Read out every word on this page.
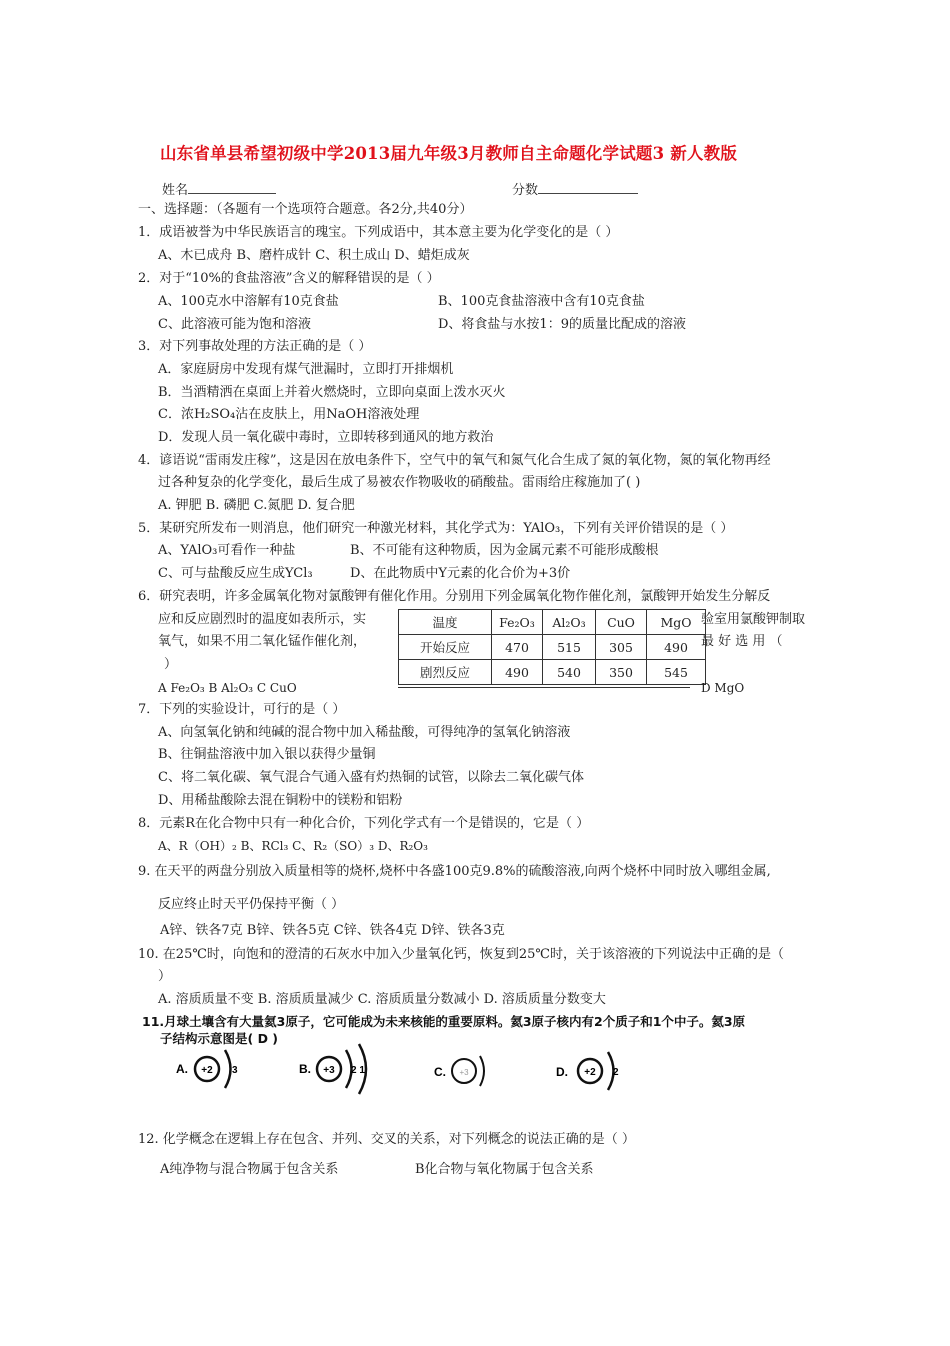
山东省单县希望初级中学2013届九年级3月教师自主命题化学试题3 新人教版
姓名	分数
一、选择题：（各题有一个选项符合题意。各2分,共40分）
1．成语被誉为中华民族语言的瑰宝。下列成语中，其本意主要为化学变化的是（ ）
A、木已成舟 B、磨杵成针 C、积土成山 D、蜡炬成灰
2．对于“10%的食盐溶液”含义的解释错误的是（ ）
A、100克水中溶解有10克食盐	B、100克食盐溶液中含有10克食盐
C、此溶液可能为饱和溶液	D、将食盐与水按1：9的质量比配成的溶液
3．对下列事故处理的方法正确的是（ ）
A．家庭厨房中发现有煤气泄漏时，立即打开排烟机
B．当酒精洒在桌面上并着火燃烧时，立即向桌面上泼水灭火
C．浓H₂SO₄沾在皮肤上，用NaOH溶液处理
D．发现人员一氧化碳中毒时，立即转移到通风的地方救治
4．谚语说“雷雨发庄稼”，这是因在放电条件下，空气中的氧气和氮气化合生成了氮的氧化物，氮的氧化物再经
过各种复杂的化学变化，最后生成了易被农作物吸收的硝酸盐。雷雨给庄稼施加了( )
A. 钾肥 B. 磷肥 C.氮肥 D. 复合肥
5．某研究所发布一则消息，他们研究一种激光材料，其化学式为：YAlO₃，下列有关评价错误的是（ ）
A、YAlO₃可看作一种盐	B、不可能有这种物质，因为金属元素不可能形成酸根
C、可与盐酸反应生成YCl₃	D、在此物质中Y元素的化合价为+3价
6．研究表明，许多金属氧化物对氯酸钾有催化作用。分别用下列金属氧化物作催化剂，氯酸钾开始发生分解反
应和反应剧烈时的温度如表所示，实
氧气，如果不用二氧化锰作催化剂，
）
验室用氯酸钾制取
最 好 选 用 （
温度	Fe₂O₃	Al₂O₃	CuO	MgO
开始反应	470	515	305	490
剧烈反应	490	540	350	545
A Fe₂O₃ B Al₂O₃ C CuO	D MgO
7．下列的实验设计，可行的是（ ）
A、向氢氧化钠和纯碱的混合物中加入稀盐酸，可得纯净的氢氧化钠溶液
B、往铜盐溶液中加入银以获得少量铜
C、将二氧化碳、氧气混合气通入盛有灼热铜的试管，以除去二氧化碳气体
D、用稀盐酸除去混在铜粉中的镁粉和铝粉
8．元素R在化合物中只有一种化合价，下列化学式有一个是错误的，它是（ ）
A、R（OH）₂ B、RCl₃ C、R₂（SO）₃ D、R₂O₃
9. 在天平的两盘分别放入质量相等的烧杯,烧杯中各盛100克9.8%的硫酸溶液,向两个烧杯中同时放入哪组金属,
反应终止时天平仍保持平衡（ ）
A锌、铁各7克 B锌、铁各5克 C锌、铁各4克 D锌、铁各3克
10. 在25℃时，向饱和的澄清的石灰水中加入少量氧化钙，恢复到25℃时，关于该溶液的下列说法中正确的是（
）
A. 溶质质量不变 B. 溶质质量减少 C. 溶质质量分数减小 D. 溶质质量分数变大
11.月球土壤含有大量氦3原子，它可能成为未来核能的重要原料。氦3原子核内有2个质子和1个中子。氦3原
子结构示意图是( D )
A. +2 3	B. +3 2 1	C. +3	D. +2 2
12. 化学概念在逻辑上存在包含、并列、交叉的关系，对下列概念的说法正确的是（ ）
A纯净物与混合物属于包含关系	B化合物与氧化物属于包含关系
